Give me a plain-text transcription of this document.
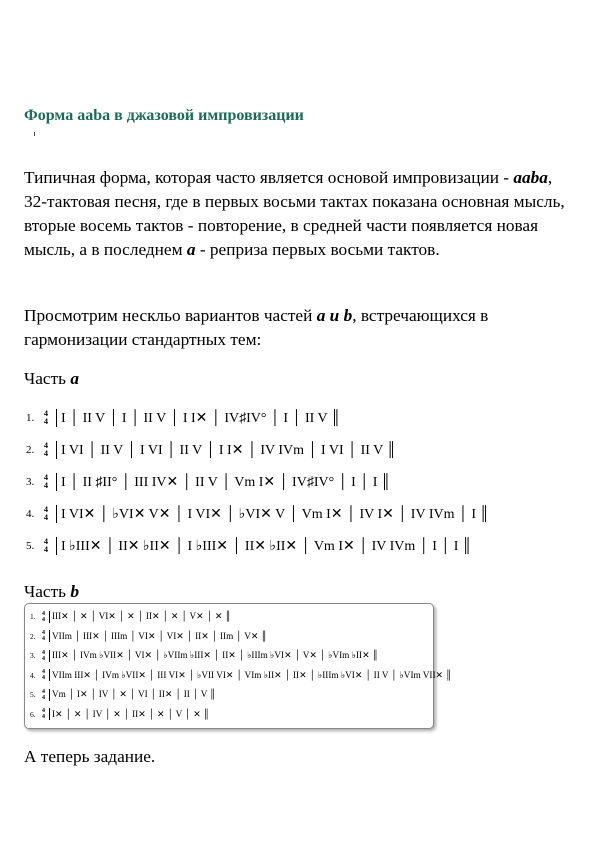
Форма aaba в джазовой импровизации
Типичная форма, которая часто является основой импровизации - aaba, 32-тактовая песня, где в первых восьми тактах показана основная мысль, вторые восемь тактов - повторение, в средней части появляется новая мысль, а в последнем а - реприза первых восьми тактов.
Просмотрим нескльо вариантов частей а и b, встречающихся в гармонизации стандартных тем:
Часть a
1.	4
4 I │ II V │ I │ II V │ I I✕ │ IV♯IV° │ I │ II V ║
2.	4
4 I VI │ II V │ I VI │ II V │ I I✕ │ IV IVm │ I VI │ II V ║
3.	4
4 I │ II ♯II° │ III IV✕ │ II V │ Vm I✕ │ IV♯IV° │ I │ I ║
4.	4
4 I VI✕ │ ♭VI✕ V✕ │ I VI✕ │ ♭VI✕ V │ Vm I✕ │ IV I✕ │ IV IVm │ I ║
5.	4
4 I ♭III✕ │ II✕ ♭II✕ │ I ♭III✕ │ II✕ ♭II✕ │ Vm I✕ │ IV IVm │ I │ I ║
Часть b
1.	4
4 III✕ │ ✕ │ VI✕ │ ✕ │ II✕ │ ✕ │ V✕ │ ✕ ║
2.	4
4 VIIm │ III✕ │ IIIm │ VI✕ │ VI✕ │ II✕ │ IIm │ V✕ ║
3.	4
4 III✕ │ IVm ♭VII✕ │ VI✕ │ ♭VIIm ♭III✕ │ II✕ │ ♭IIIm ♭VI✕ │ V✕ │ ♭VIm ♭II✕ ║
4.	4
4 VIIm III✕ │ IVm ♭VII✕ │ III VI✕ │ ♭VII VI✕ │ VIm ♭II✕ │ II✕ │ ♭IIIm ♭VI✕ │ II V │ ♭VIm VII✕ ║
5.	4
4 Vm │ I✕ │ IV │ ✕ │ VI │ II✕ │ II │ V ║
6.	4
4 I✕ │ ✕ │ IV │ ✕ │ II✕ │ ✕ │ V │ ✕ ║
А теперь задание.
